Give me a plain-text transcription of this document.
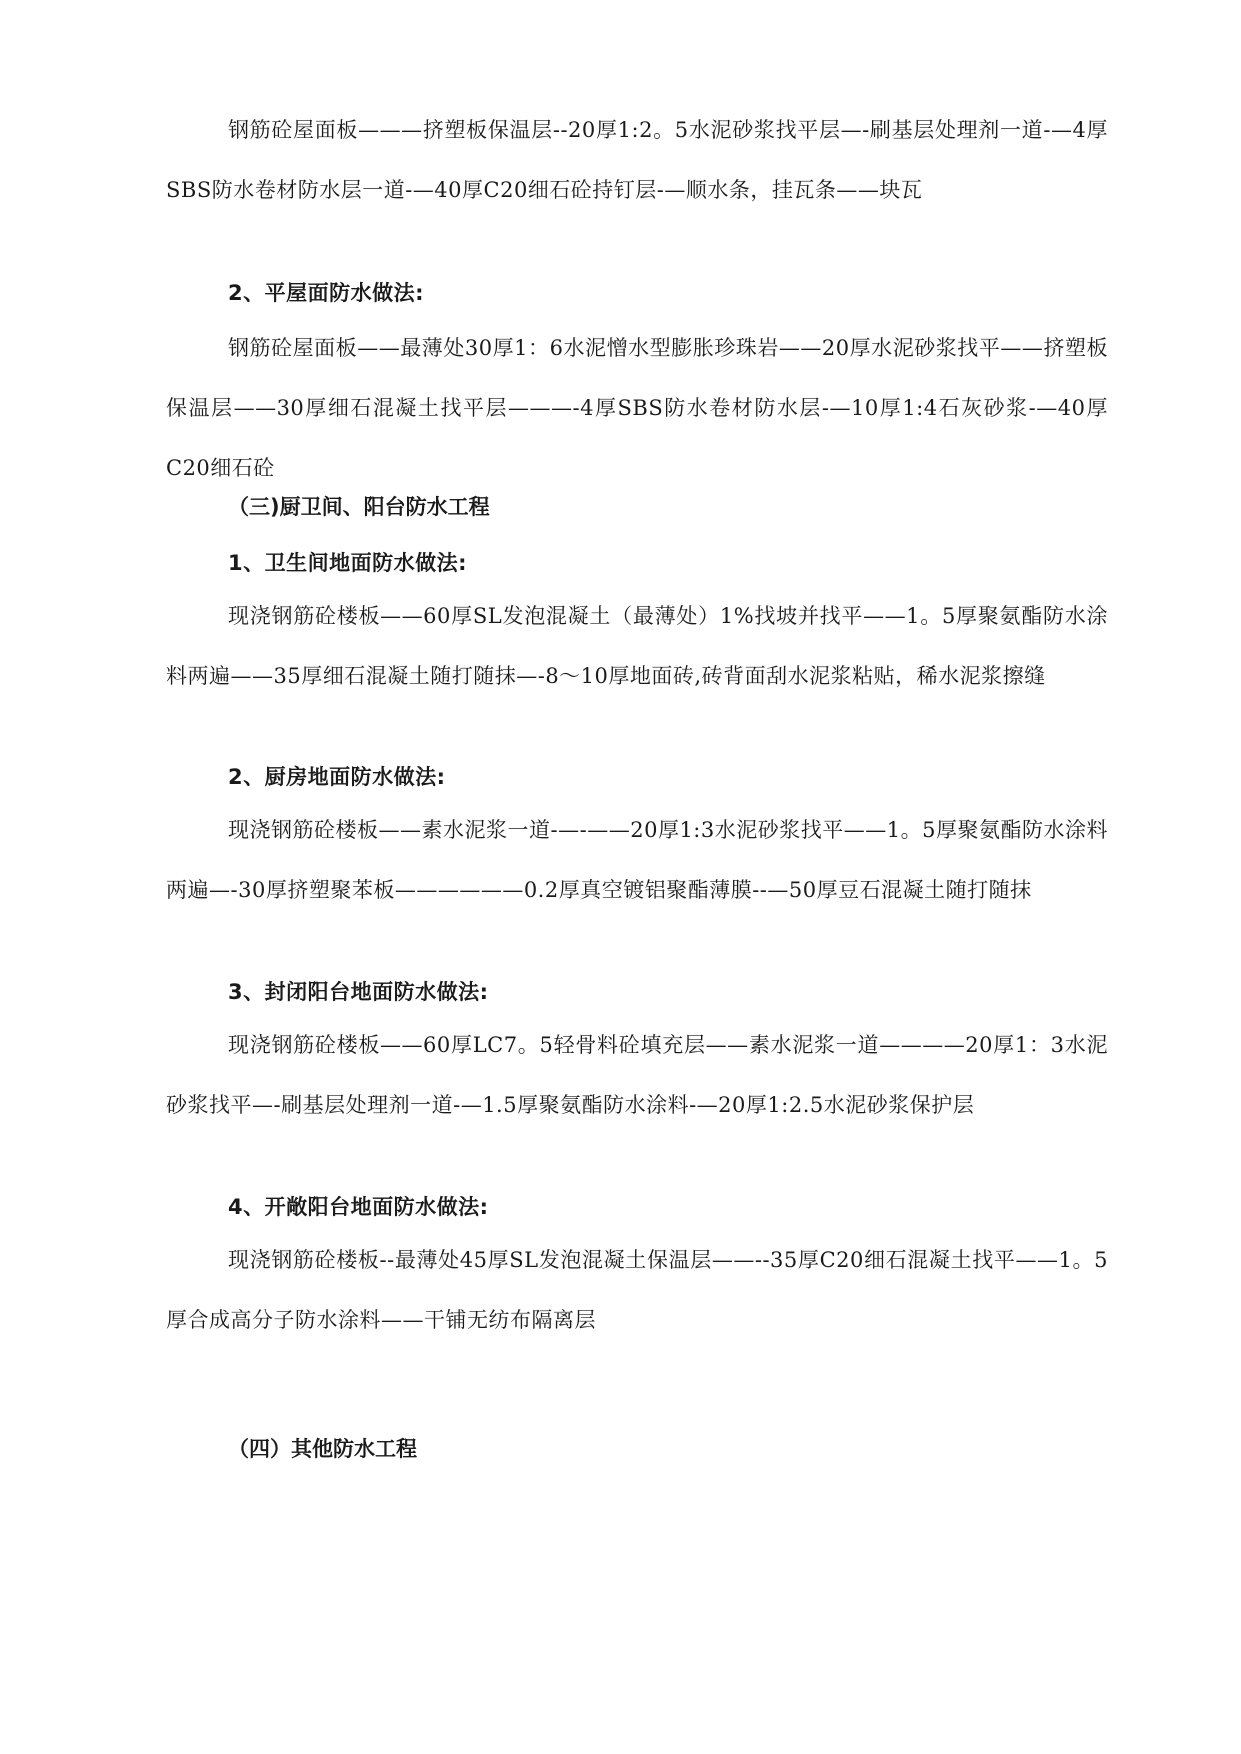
钢筋砼屋面板———挤塑板保温层--20厚1:2。5水泥砂浆找平层—-刷基层处理剂一道-—4厚SBS防水卷材防水层一道-—40厚C20细石砼持钉层-—顺水条，挂瓦条——块瓦

2、平屋面防水做法:

钢筋砼屋面板——最薄处30厚1：6水泥憎水型膨胀珍珠岩——20厚水泥砂浆找平——挤塑板保温层——30厚细石混凝土找平层———-4厚SBS防水卷材防水层-—10厚1:4石灰砂浆-—40厚C20细石砼

（三)厨卫间、阳台防水工程

1、卫生间地面防水做法:

现浇钢筋砼楼板——60厚SL发泡混凝土（最薄处）1%找坡并找平——1。5厚聚氨酯防水涂料两遍——35厚细石混凝土随打随抹—-8～10厚地面砖,砖背面刮水泥浆粘贴，稀水泥浆擦缝

2、厨房地面防水做法:

现浇钢筋砼楼板——素水泥浆一道-—-——20厚1:3水泥砂浆找平——1。5厚聚氨酯防水涂料两遍—-30厚挤塑聚苯板——————0.2厚真空镀铝聚酯薄膜--—50厚豆石混凝土随打随抹

3、封闭阳台地面防水做法:

现浇钢筋砼楼板——60厚LC7。5轻骨料砼填充层——素水泥浆一道————20厚1：3水泥砂浆找平—-刷基层处理剂一道-—1.5厚聚氨酯防水涂料-—20厚1:2.5水泥砂浆保护层

4、开敞阳台地面防水做法:

现浇钢筋砼楼板--最薄处45厚SL发泡混凝土保温层——--35厚C20细石混凝土找平——1。5厚合成高分子防水涂料——干铺无纺布隔离层

（四）其他防水工程
